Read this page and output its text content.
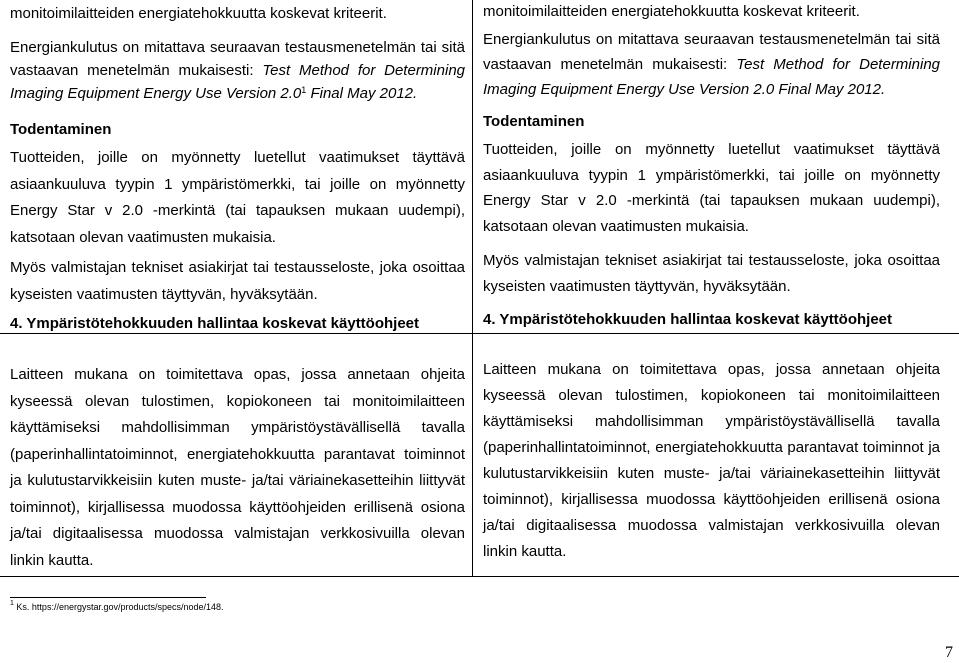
monitoimilaitteiden energiatehokkuutta koskevat kriteerit.

Energiankulutus on mitattava seuraavan testausmenetelmän tai sitä vastaavan menetelmän mukaisesti: Test Method for Determining Imaging Equipment Energy Use Version $2.0^1$ Final May 2012.

Todentaminen

Tuotteiden, joille on myönnetty luetellut vaatimukset täyttävä asiaankuuluva tyypin 1 ympäristömerkki, tai joille on myönnetty Energy Star v 2.0 -merkintä (tai tapauksen mukaan uudempi), katsotaan olevan vaatimusten mukaisia.

Myös valmistajan tekniset asiakirjat tai testausseloste, joka osoittaa kyseisten vaatimusten täyttyvän, hyväksytään.

4. Ympäristötehokkuuden hallintaa koskevat käyttöohjeet

Laitteen mukana on toimitettava opas, jossa annetaan ohjeita kyseessä olevan tulostimen, kopiokoneen tai monitoimilaitteen käyttämiseksi mahdollisimman ympäristöystävällisellä tavalla (paperinhallintatoiminnot, energiatehokkuutta parantavat toiminnot ja kulutustarvikkeisiin kuten muste- ja/tai väriainekasetteihin liittyvät toiminnot), kirjallisessa muodossa käyttöohjeiden erillisenä osiona ja/tai digitaalisessa muodossa valmistajan verkkosivuilla olevan linkin kautta.

monitoimilaitteiden energiatehokkuutta koskevat kriteerit.

Energiankulutus on mitattava seuraavan testausmenetelmän tai sitä vastaavan menetelmän mukaisesti: Test Method for Determining Imaging Equipment Energy Use Version 2.0 Final May 2012.

Todentaminen

Tuotteiden, joille on myönnetty luetellut vaatimukset täyttävä asiaankuuluva tyypin 1 ympäristömerkki, tai joille on myönnetty Energy Star v 2.0 -merkintä (tai tapauksen mukaan uudempi), katsotaan olevan vaatimusten mukaisia.

Myös valmistajan tekniset asiakirjat tai testausseloste, joka osoittaa kyseisten vaatimusten täyttyvän, hyväksytään.

4. Ympäristötehokkuuden hallintaa koskevat käyttöohjeet

Laitteen mukana on toimitettava opas, jossa annetaan ohjeita kyseessä olevan tulostimen, kopiokoneen tai monitoimilaitteen käyttämiseksi mahdollisimman ympäristöystävällisellä tavalla (paperinhallintatoiminnot, energiatehokkuutta parantavat toiminnot ja kulutustarvikkeisiin kuten muste- ja/tai väriainekasetteihin liittyvät toiminnot), kirjallisessa muodossa käyttöohjeiden erillisenä osiona ja/tai digitaalisessa muodossa valmistajan verkkosivuilla olevan linkin kautta.

$^1$ Ks. https://energystar.gov/products/specs/node/148.
7
